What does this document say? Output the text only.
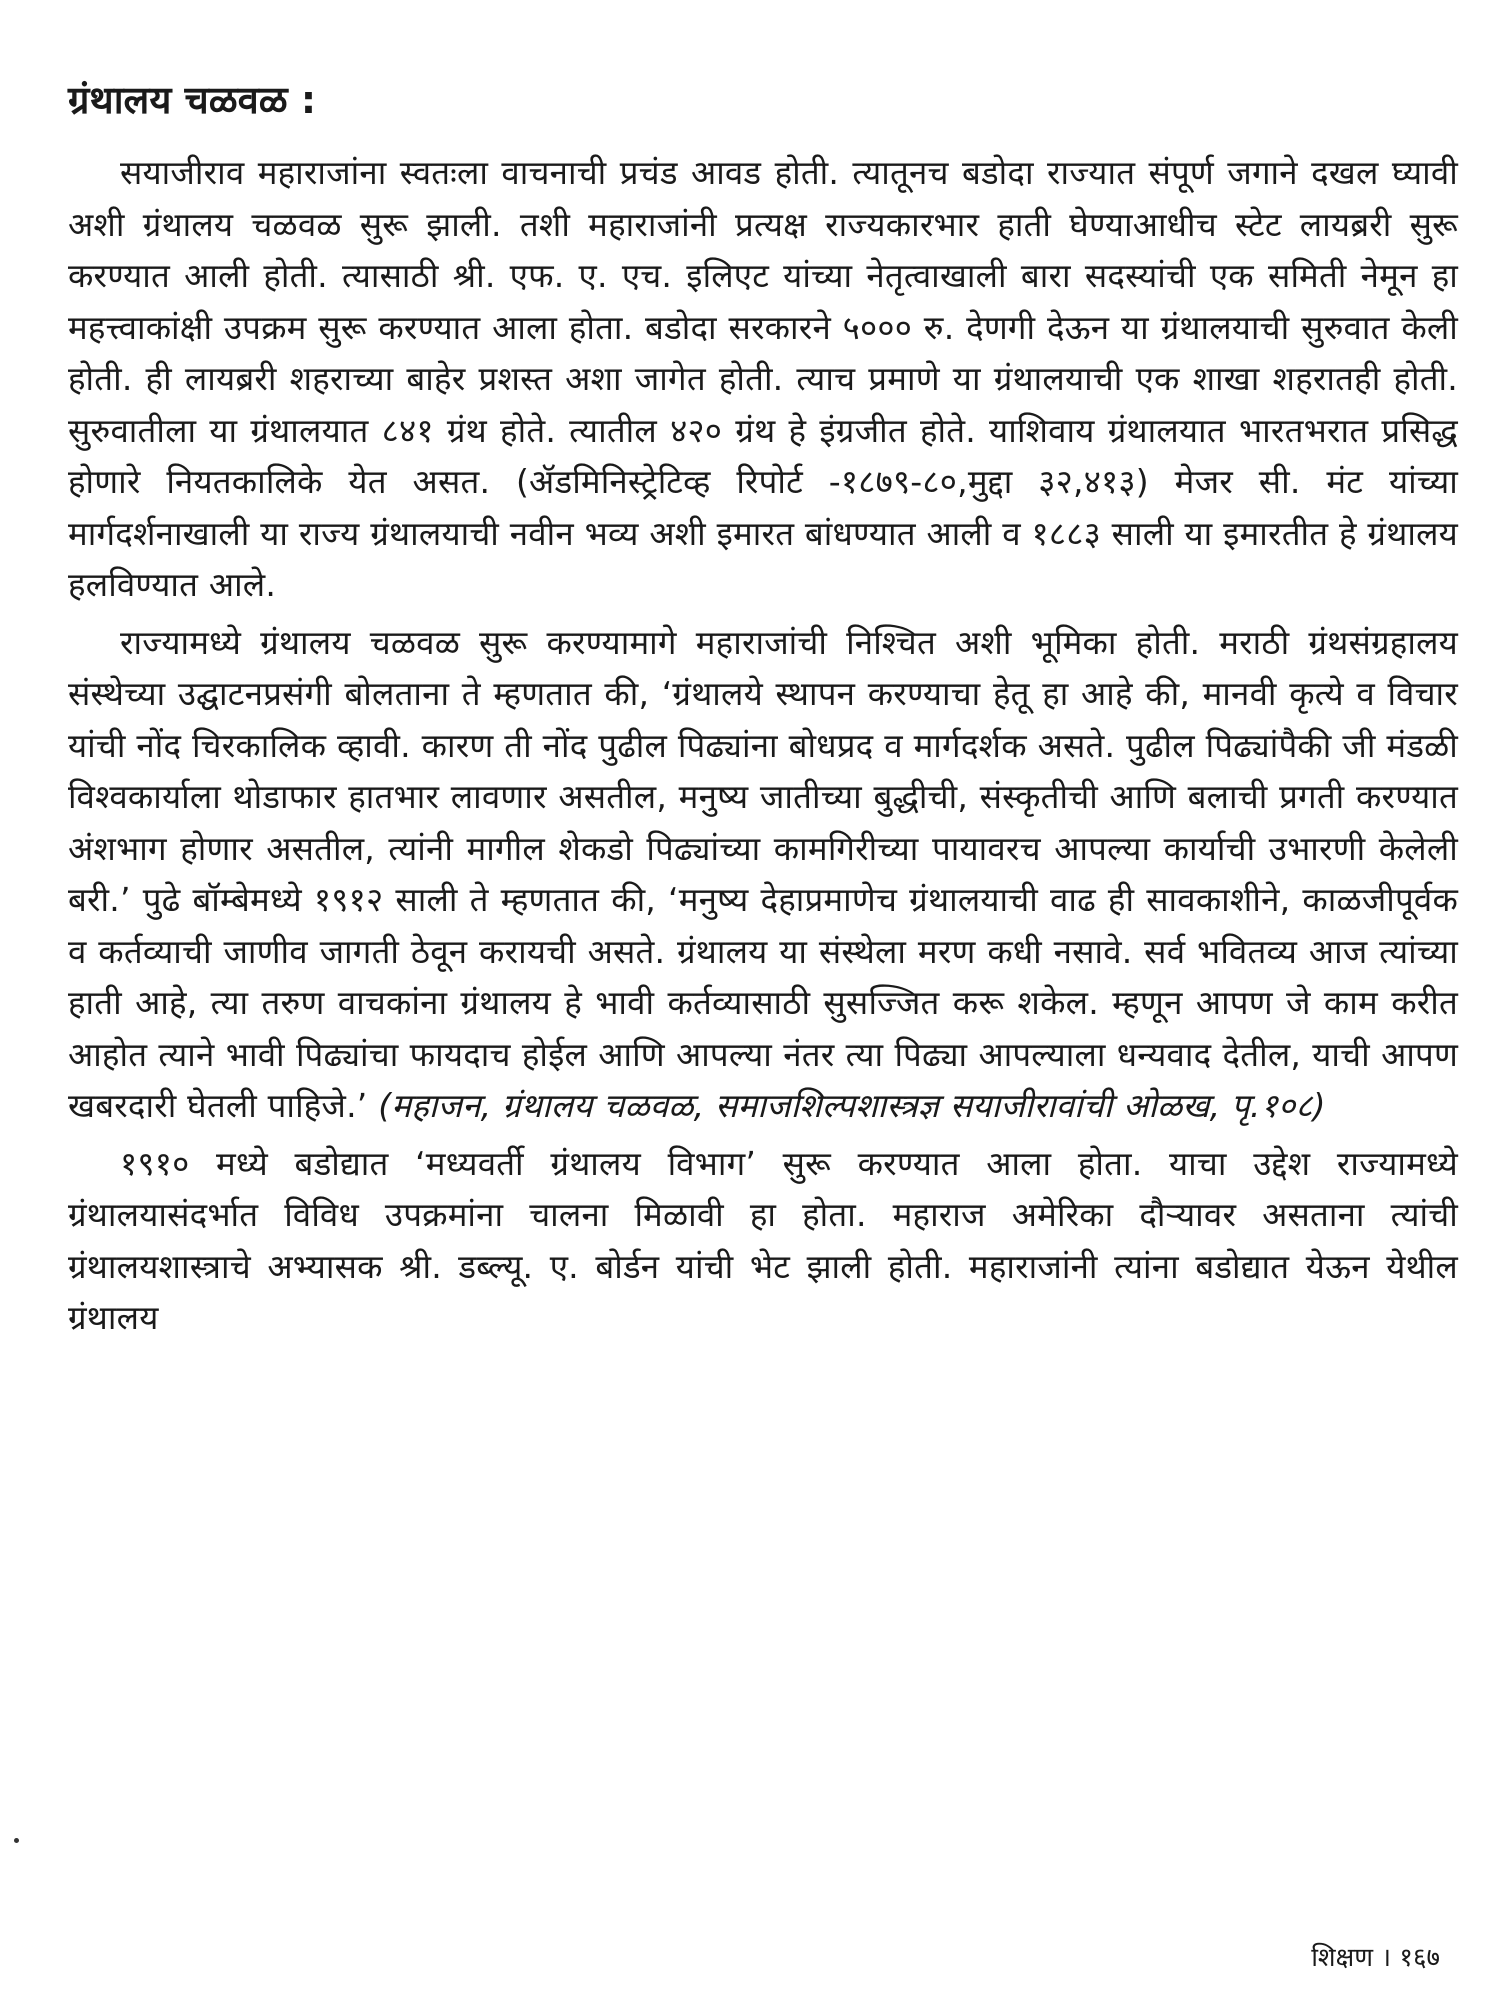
ग्रंथालय चळवळ :

सयाजीराव महाराजांना स्वतःला वाचनाची प्रचंड आवड होती. त्यातूनच बडोदा राज्यात संपूर्ण जगाने दखल घ्यावी अशी ग्रंथालय चळवळ सुरू झाली. तशी महाराजांनी प्रत्यक्ष राज्यकारभार हाती घेण्याआधीच स्टेट लायब्ररी सुरू करण्यात आली होती. त्यासाठी श्री. एफ. ए. एच. इलिएट यांच्या नेतृत्वाखाली बारा सदस्यांची एक समिती नेमून हा महत्त्वाकांक्षी उपक्रम सुरू करण्यात आला होता. बडोदा सरकारने ५००० रु. देणगी देऊन या ग्रंथालयाची सुरुवात केली होती. ही लायब्ररी शहराच्या बाहेर प्रशस्त अशा जागेत होती. त्याच प्रमाणे या ग्रंथालयाची एक शाखा शहरातही होती. सुरुवातीला या ग्रंथालयात ८४१ ग्रंथ होते. त्यातील ४२० ग्रंथ हे इंग्रजीत होते. याशिवाय ग्रंथालयात भारतभरात प्रसिद्ध होणारे नियतकालिके येत असत. (ॲडमिनिस्ट्रेटिव्ह रिपोर्ट -१८७९-८०,मुद्दा ३२,४१३) मेजर सी. मंट यांच्या मार्गदर्शनाखाली या राज्य ग्रंथालयाची नवीन भव्य अशी इमारत बांधण्यात आली व १८८३ साली या इमारतीत हे ग्रंथालय हलविण्यात आले.

राज्यामध्ये ग्रंथालय चळवळ सुरू करण्यामागे महाराजांची निश्चित अशी भूमिका होती. मराठी ग्रंथसंग्रहालय संस्थेच्या उद्घाटनप्रसंगी बोलताना ते म्हणतात की, ‘ग्रंथालये स्थापन करण्याचा हेतू हा आहे की, मानवी कृत्ये व विचार यांची नोंद चिरकालिक व्हावी. कारण ती नोंद पुढील पिढ्यांना बोधप्रद व मार्गदर्शक असते. पुढील पिढ्यांपैकी जी मंडळी विश्वकार्याला थोडाफार हातभार लावणार असतील, मनुष्य जातीच्या बुद्धीची, संस्कृतीची आणि बलाची प्रगती करण्यात अंशभाग होणार असतील, त्यांनी मागील शेकडो पिढ्यांच्या कामगिरीच्या पायावरच आपल्या कार्याची उभारणी केलेली बरी.’ पुढे बॉम्बेमध्ये १९१२ साली ते म्हणतात की, ‘मनुष्य देहाप्रमाणेच ग्रंथालयाची वाढ ही सावकाशीने, काळजीपूर्वक व कर्तव्याची जाणीव जागती ठेवून करायची असते. ग्रंथालय या संस्थेला मरण कधी नसावे. सर्व भवितव्य आज त्यांच्या हाती आहे, त्या तरुण वाचकांना ग्रंथालय हे भावी कर्तव्यासाठी सुसज्जित करू शकेल. म्हणून आपण जे काम करीत आहोत त्याने भावी पिढ्यांचा फायदाच होईल आणि आपल्या नंतर त्या पिढ्या आपल्याला धन्यवाद देतील, याची आपण खबरदारी घेतली पाहिजे.’ (महाजन, ग्रंथालय चळवळ, समाजशिल्पशास्त्रज्ञ सयाजीरावांची ओळख, पृ.१०८)

१९१० मध्ये बडोद्यात ‘मध्यवर्ती ग्रंथालय विभाग’ सुरू करण्यात आला होता. याचा उद्देश राज्यामध्ये ग्रंथालयासंदर्भात विविध उपक्रमांना चालना मिळावी हा होता. महाराज अमेरिका दौऱ्यावर असताना त्यांची ग्रंथालयशास्त्राचे अभ्यासक श्री. डब्ल्यू. ए. बोर्डन यांची भेट झाली होती. महाराजांनी त्यांना बडोद्यात येऊन येथील ग्रंथालय

शिक्षण । १६७
